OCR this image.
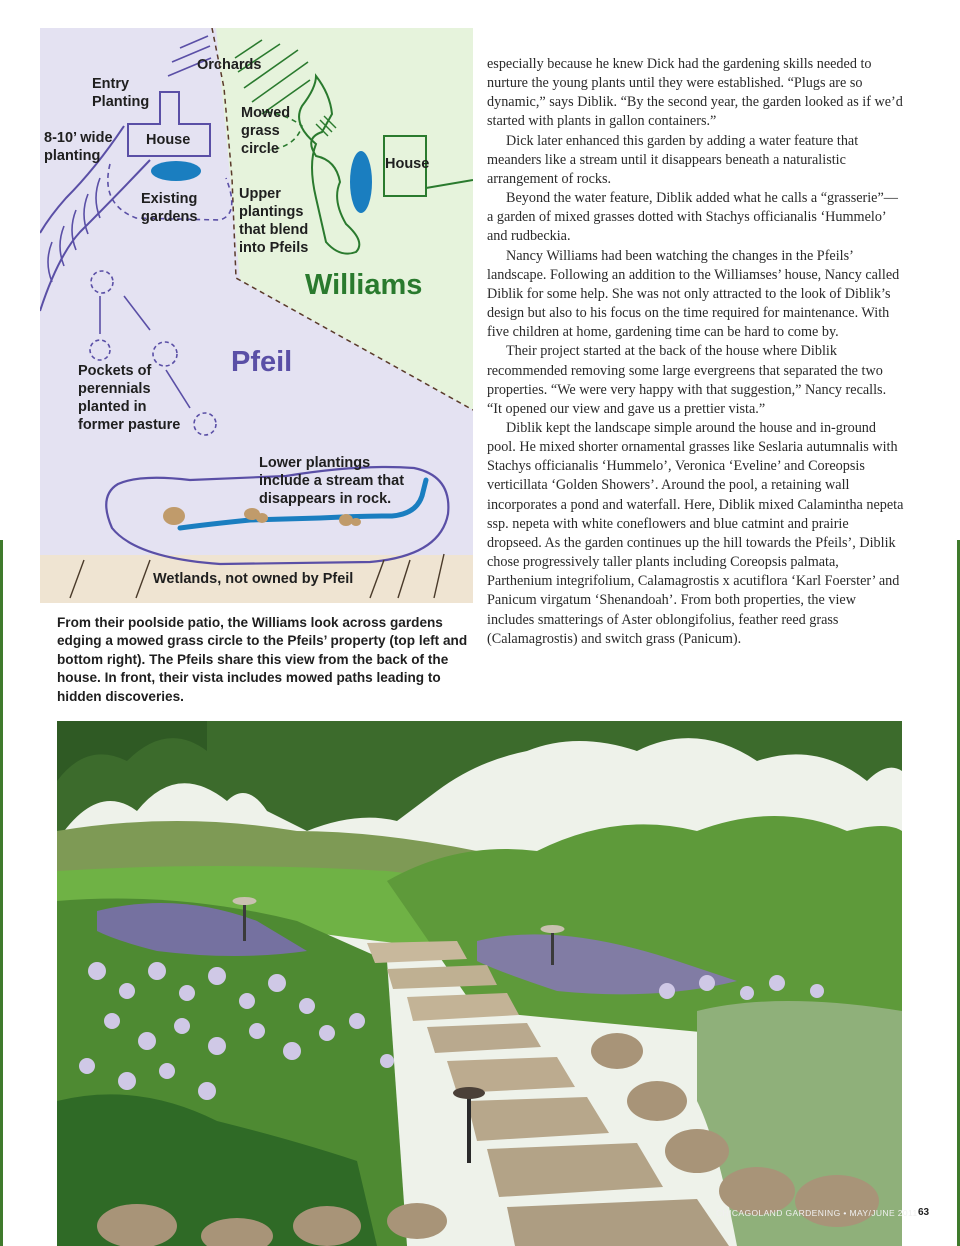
Orchards
Entry
Planting
8-10’ wide
planting
House
Mowed
grass
circle
House
Existing
gardens
Upper
plantings
that blend
into Pfeils
Williams
Pfeil
Pockets of
perennials
planted in
former pasture
Lower plantings
include a stream that
disappears in rock.
Wetlands, not owned by Pfeil
From their poolside patio, the Williams look across gardens edging a mowed grass circle to the Pfeils’ property (top left and bottom right). The Pfeils share this view from the back of the house. In front, their vista includes mowed paths leading to hidden discoveries.

especially because he knew Dick had the gardening skills needed to nurture the young plants until they were established. “Plugs are so dynamic,” says Diblik. “By the second year, the garden looked as if we’d started with plants in gallon containers.”

Dick later enhanced this garden by adding a water feature that meanders like a stream until it disappears beneath a naturalistic arrangement of rocks.

Beyond the water feature, Diblik added what he calls a “grasserie”—a garden of mixed grasses dotted with Stachys officianalis ‘Hummelo’ and rudbeckia.

Nancy Williams had been watching the changes in the Pfeils’ landscape. Following an addition to the Williamses’ house, Nancy called Diblik for some help. She was not only attracted to the look of Diblik’s design but also to his focus on the time required for maintenance. With five children at home, gardening time can be hard to come by.

Their project started at the back of the house where Diblik recommended removing some large evergreens that separated the two properties. “We were very happy with that suggestion,” Nancy recalls. “It opened our view and gave us a prettier vista.”

Diblik kept the landscape simple around the house and in-ground pool. He mixed shorter ornamental grasses like Seslaria autumnalis with Stachys officianalis ‘Hummelo’, Veronica ‘Eveline’ and Coreopsis verticillata ‘Golden Showers’. Around the pool, a retaining wall incorporates a pond and waterfall. Here, Diblik mixed Calamintha nepeta ssp. nepeta with white coneflowers and blue catmint and prairie dropseed. As the garden continues up the hill towards the Pfeils’, Diblik chose progressively taller plants including Coreopsis palmata, Parthenium integrifolium, Calamagrostis x acutiflora ‘Karl Foerster’ and Panicum virgatum ‘Shenandoah’. From both properties, the view includes smatterings of Aster oblongifolius, feather reed grass (Calamagrostis) and switch grass (Panicum).

CHICAGOLAND GARDENING • MAY/JUNE 2011 63
